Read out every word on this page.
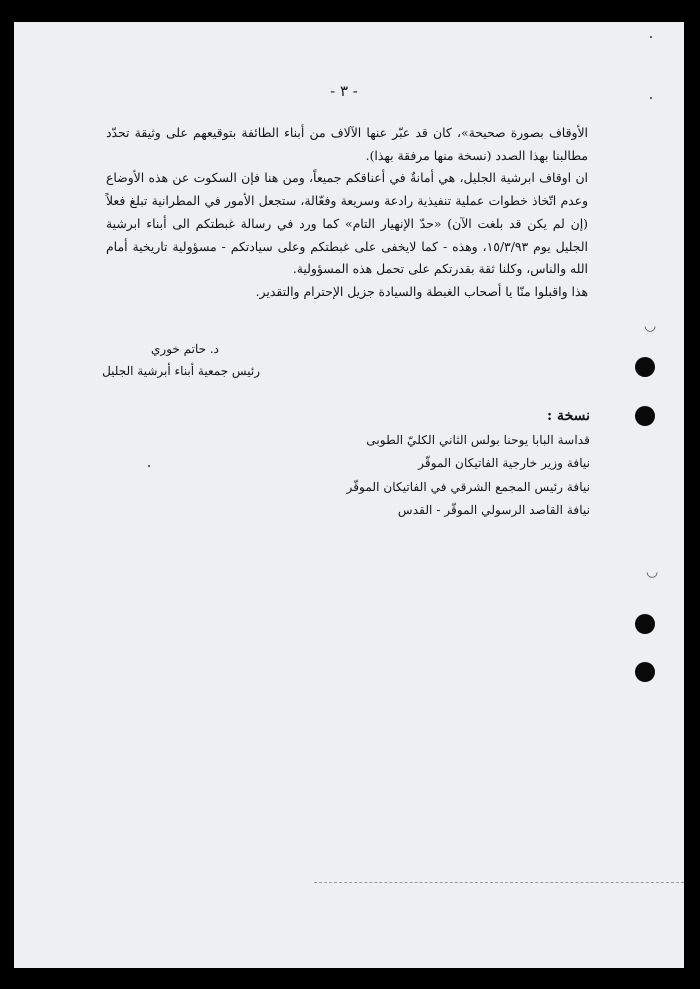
- ٣ -

الأوقاف بصورة صحيحة»، كان قد عبّر عنها الآلاف من أبناء الطائفة بتوقيعهم على وثيقة تحدّد مطالبنا بهذا الصدد (نسخة منها مرفقة بهذا).

ان اوقاف ابرشية الجليل، هي أمانةٌ في أعناقكم جميعاً، ومن هنا فإن السكوت عن هذه الأوضاع وعدم اتّخاذ خطوات عملية تنفيذية رادعة وسريعة وفعّالة، ستجعل الأمور في المطرانية تبلغ فعلاً (إن لم يكن قد بلغت الآن) «حدّ الإنهيار التام» كما ورد في رسالة غبطتكم الى أبناء ابرشية الجليل يوم ١٥/٣/٩٣، وهذه - كما لايخفى على غبطتكم وعلى سيادتكم - مسؤولية تاريخية أمام الله والناس، وكلنا ثقة بقدرتكم على تحمل هذه المسؤولية.

هذا واقبلوا منّا يا أصحاب الغبطة والسيادة جزيل الإحترام والتقدير.

د. حاتم خوري
رئيس جمعية أبناء أبرشية الجليل
نسخة :
قداسة البابا يوحنا بولس الثاني الكليّ الطوبى
نيافة وزير خارجية الفاتيكان الموقّر
نيافة رئيس المجمع الشرقي في الفاتيكان الموقّر
نيافة القاصد الرسولي الموقّر - القدس
◡
◡
